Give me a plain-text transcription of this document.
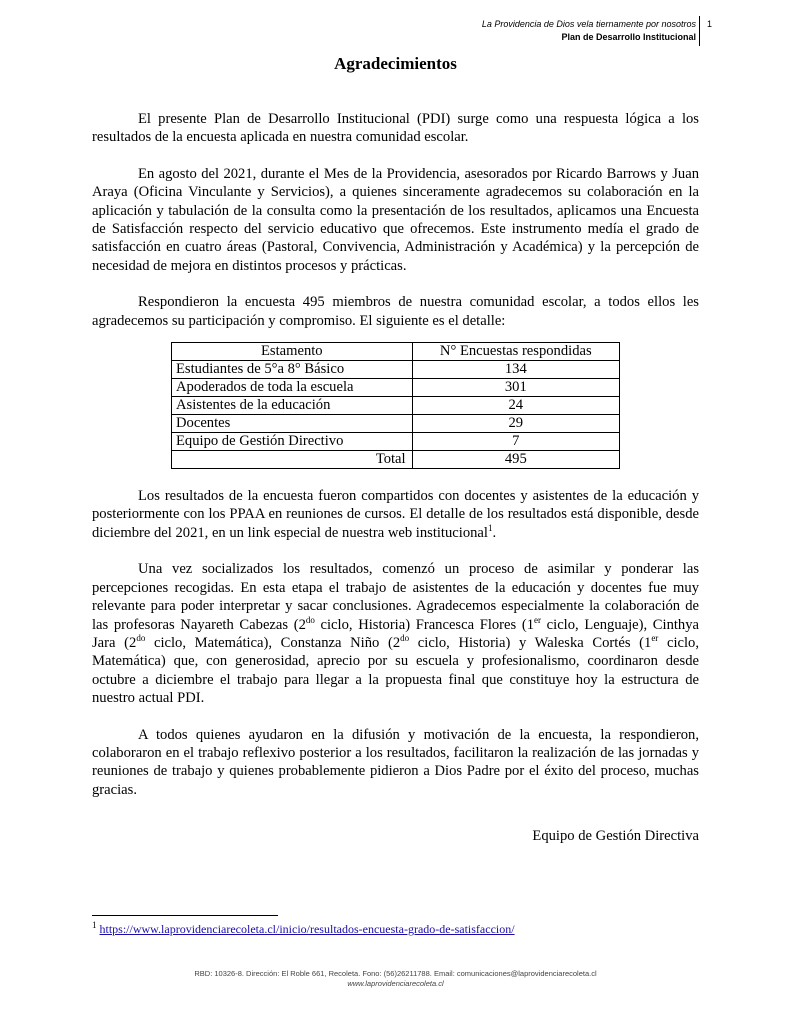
La Providencia de Dios vela tiernamente por nosotros
Plan de Desarrollo Institucional
1
Agradecimientos

El presente Plan de Desarrollo Institucional (PDI) surge como una respuesta lógica a los resultados de la encuesta aplicada en nuestra comunidad escolar.

En agosto del 2021, durante el Mes de la Providencia, asesorados por Ricardo Barrows y Juan Araya (Oficina Vinculante y Servicios), a quienes sinceramente agradecemos su colaboración en la aplicación y tabulación de la consulta como la presentación de los resultados, aplicamos una Encuesta de Satisfacción respecto del servicio educativo que ofrecemos. Este instrumento medía el grado de satisfacción en cuatro áreas (Pastoral, Convivencia, Administración y Académica) y la percepción de necesidad de mejora en distintos procesos y prácticas.

Respondieron la encuesta 495 miembros de nuestra comunidad escolar, a todos ellos les agradecemos su participación y compromiso. El siguiente es el detalle:

Estamento	N° Encuestas respondidas
Estudiantes de 5°a 8° Básico	134
Apoderados de toda la escuela	301
Asistentes de la educación	24
Docentes	29
Equipo de Gestión Directivo	7
Total	495

Los resultados de la encuesta fueron compartidos con docentes y asistentes de la educación y posteriormente con los PPAA en reuniones de cursos. El detalle de los resultados está disponible, desde diciembre del 2021, en un link especial de nuestra web institucional$^1$.

Una vez socializados los resultados, comenzó un proceso de asimilar y ponderar las percepciones recogidas. En esta etapa el trabajo de asistentes de la educación y docentes fue muy relevante para poder interpretar y sacar conclusiones. Agradecemos especialmente la colaboración de las profesoras Nayareth Cabezas ($2^{do}$ ciclo, Historia) Francesca Flores (1er ciclo, Lenguaje), Cinthya Jara ($2^{do}$ ciclo, Matemática), Constanza Niño ($2^{do}$ ciclo, Historia) y Waleska Cortés (1er ciclo, Matemática) que, con generosidad, aprecio por su escuela y profesionalismo, coordinaron desde octubre a diciembre el trabajo para llegar a la propuesta final que constituye hoy la estructura de nuestro actual PDI.

A todos quienes ayudaron en la difusión y motivación de la encuesta, la respondieron, colaboraron en el trabajo reflexivo posterior a los resultados, facilitaron la realización de las jornadas y reuniones de trabajo y quienes probablemente pidieron a Dios Padre por el éxito del proceso, muchas gracias.

Equipo de Gestión Directiva
$^1$ https://www.laprovidenciarecoleta.cl/inicio/resultados-encuesta-grado-de-satisfaccion/
RBD: 10326-8. Dirección: El Roble 661, Recoleta. Fono: (56)26211788. Email: comunicaciones@laprovidenciarecoleta.cl
www.laprovidenciarecoleta.cl
